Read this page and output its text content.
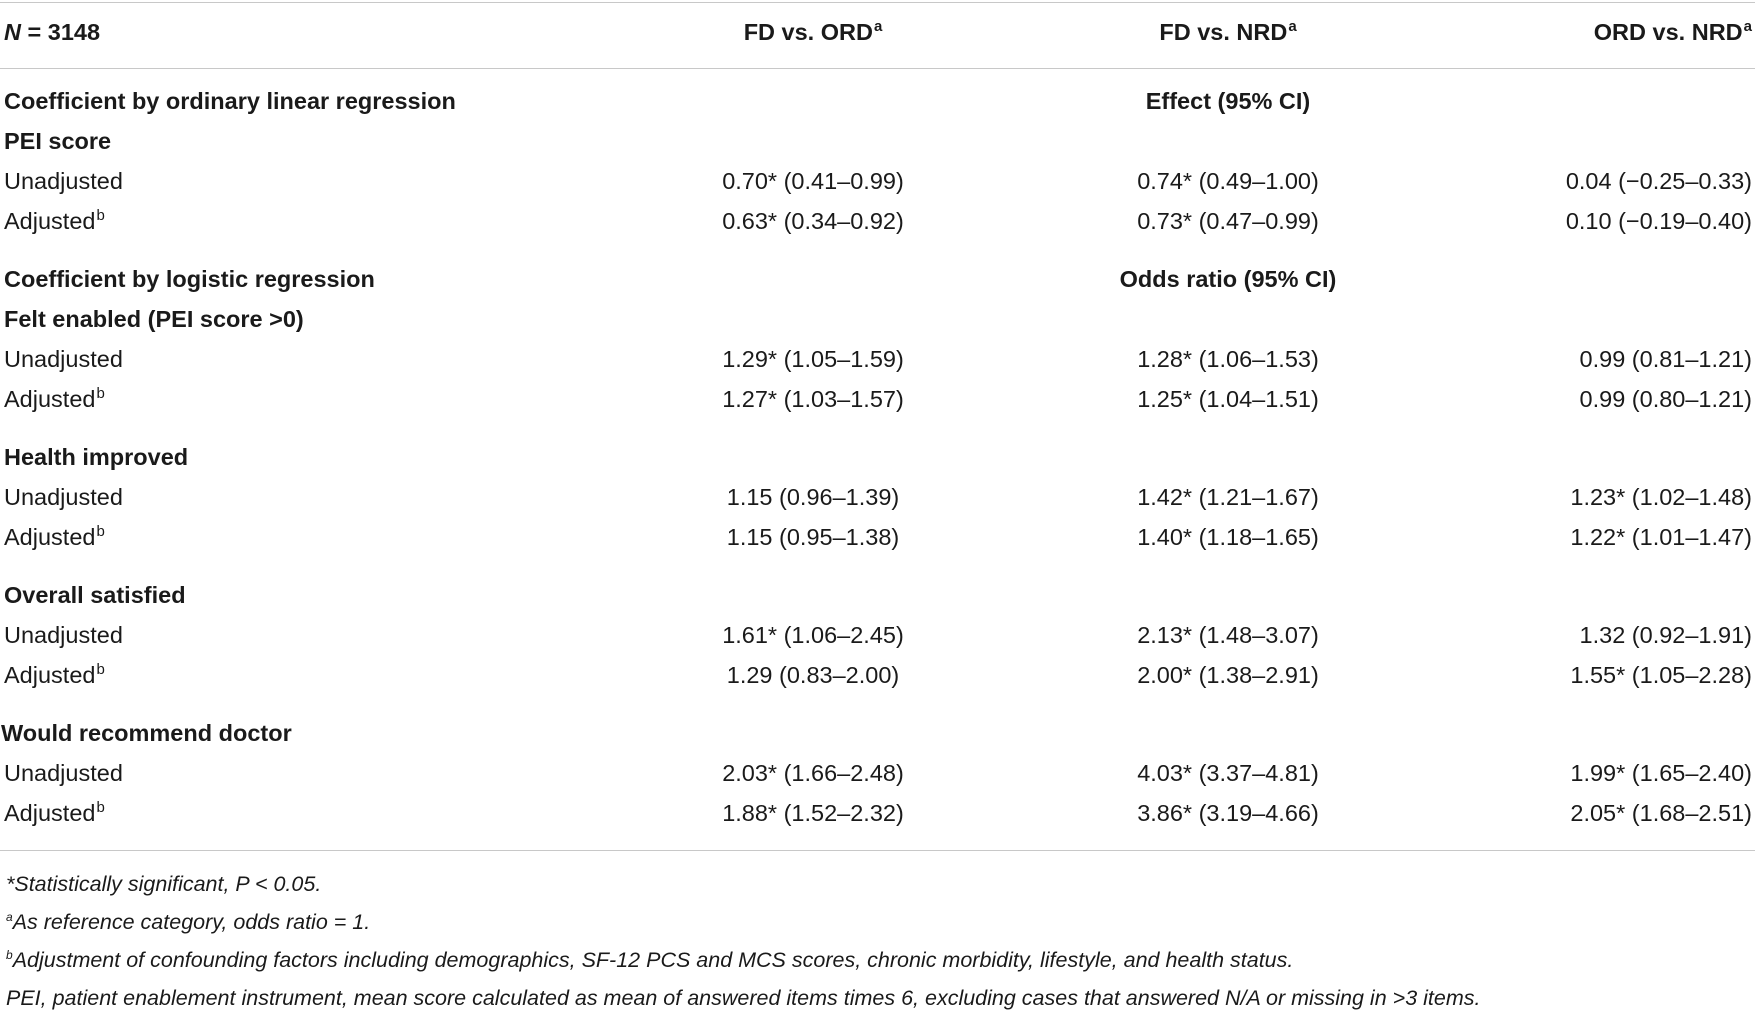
N = 3148	FD vs. ORD$^a$	FD vs. NRD$^a$	ORD vs. NRD$^a$
Coefficient by ordinary linear regression	Effect (95% CI)
PEI score
Unadjusted	0.70* (0.41–0.99)	0.74* (0.49–1.00)	0.04 (−0.25–0.33)
Adjusted$^b$	0.63* (0.34–0.92)	0.73* (0.47–0.99)	0.10 (−0.19–0.40)
Coefficient by logistic regression	Odds ratio (95% CI)
Felt enabled (PEI score >0)
Unadjusted	1.29* (1.05–1.59)	1.28* (1.06–1.53)	0.99 (0.81–1.21)
Adjusted$^b$	1.27* (1.03–1.57)	1.25* (1.04–1.51)	0.99 (0.80–1.21)
Health improved
Unadjusted	1.15 (0.96–1.39)	1.42* (1.21–1.67)	1.23* (1.02–1.48)
Adjusted$^b$	1.15 (0.95–1.38)	1.40* (1.18–1.65)	1.22* (1.01–1.47)
Overall satisfied
Unadjusted	1.61* (1.06–2.45)	2.13* (1.48–3.07)	1.32 (0.92–1.91)
Adjusted$^b$	1.29 (0.83–2.00)	2.00* (1.38–2.91)	1.55* (1.05–2.28)
Would recommend doctor
Unadjusted	2.03* (1.66–2.48)	4.03* (3.37–4.81)	1.99* (1.65–2.40)
Adjusted$^b$	1.88* (1.52–2.32)	3.86* (3.19–4.66)	2.05* (1.68–2.51)
*Statistically significant, P < 0.05.
$^a$As reference category, odds ratio = 1.
$^b$Adjustment of confounding factors including demographics, SF-12 PCS and MCS scores, chronic morbidity, lifestyle, and health status.
PEI, patient enablement instrument, mean score calculated as mean of answered items times 6, excluding cases that answered N/A or missing in >3 items.
